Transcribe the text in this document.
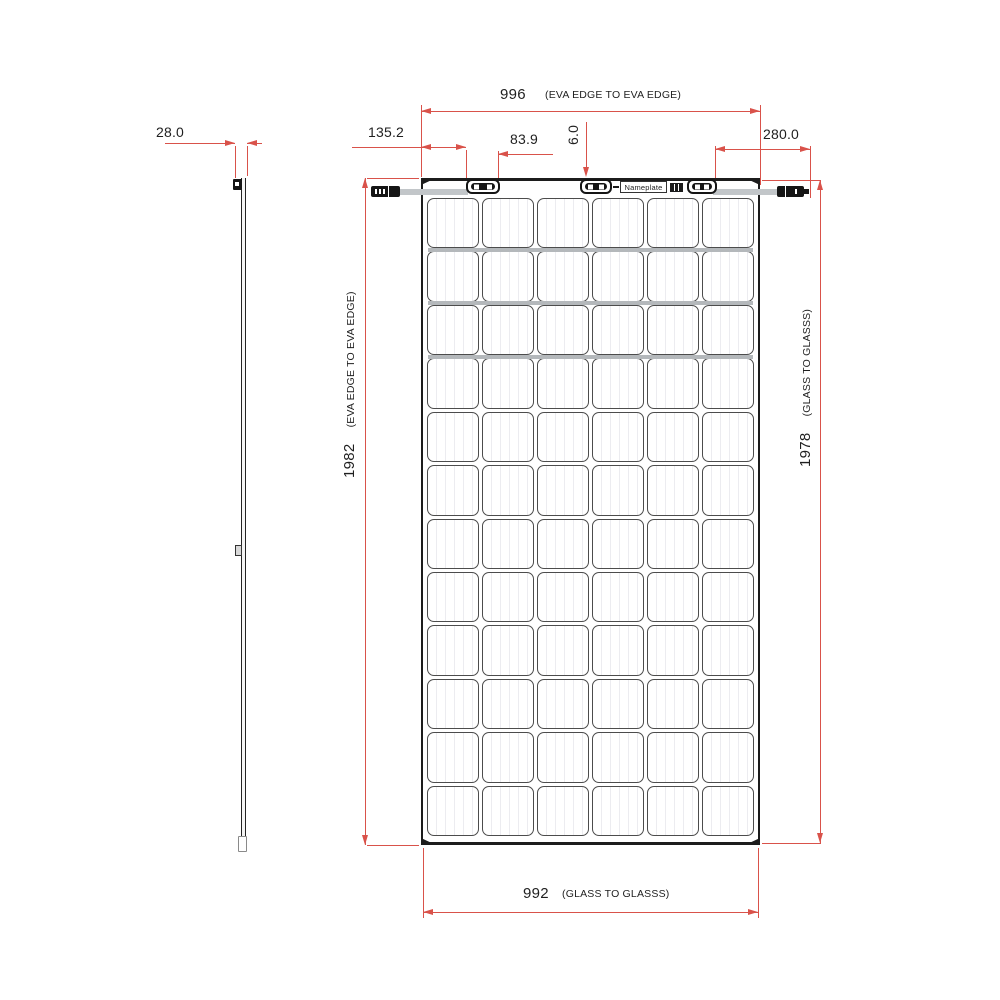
28.0
996 (EVA EDGE TO EVA EDGE)
135.2	83.9 6.0	280.0
1982(EVA EDGE TO EVA EDGE)
1978(GLASS TO GLASSS)
992 (GLASS TO GLASSS)
Nameplate
